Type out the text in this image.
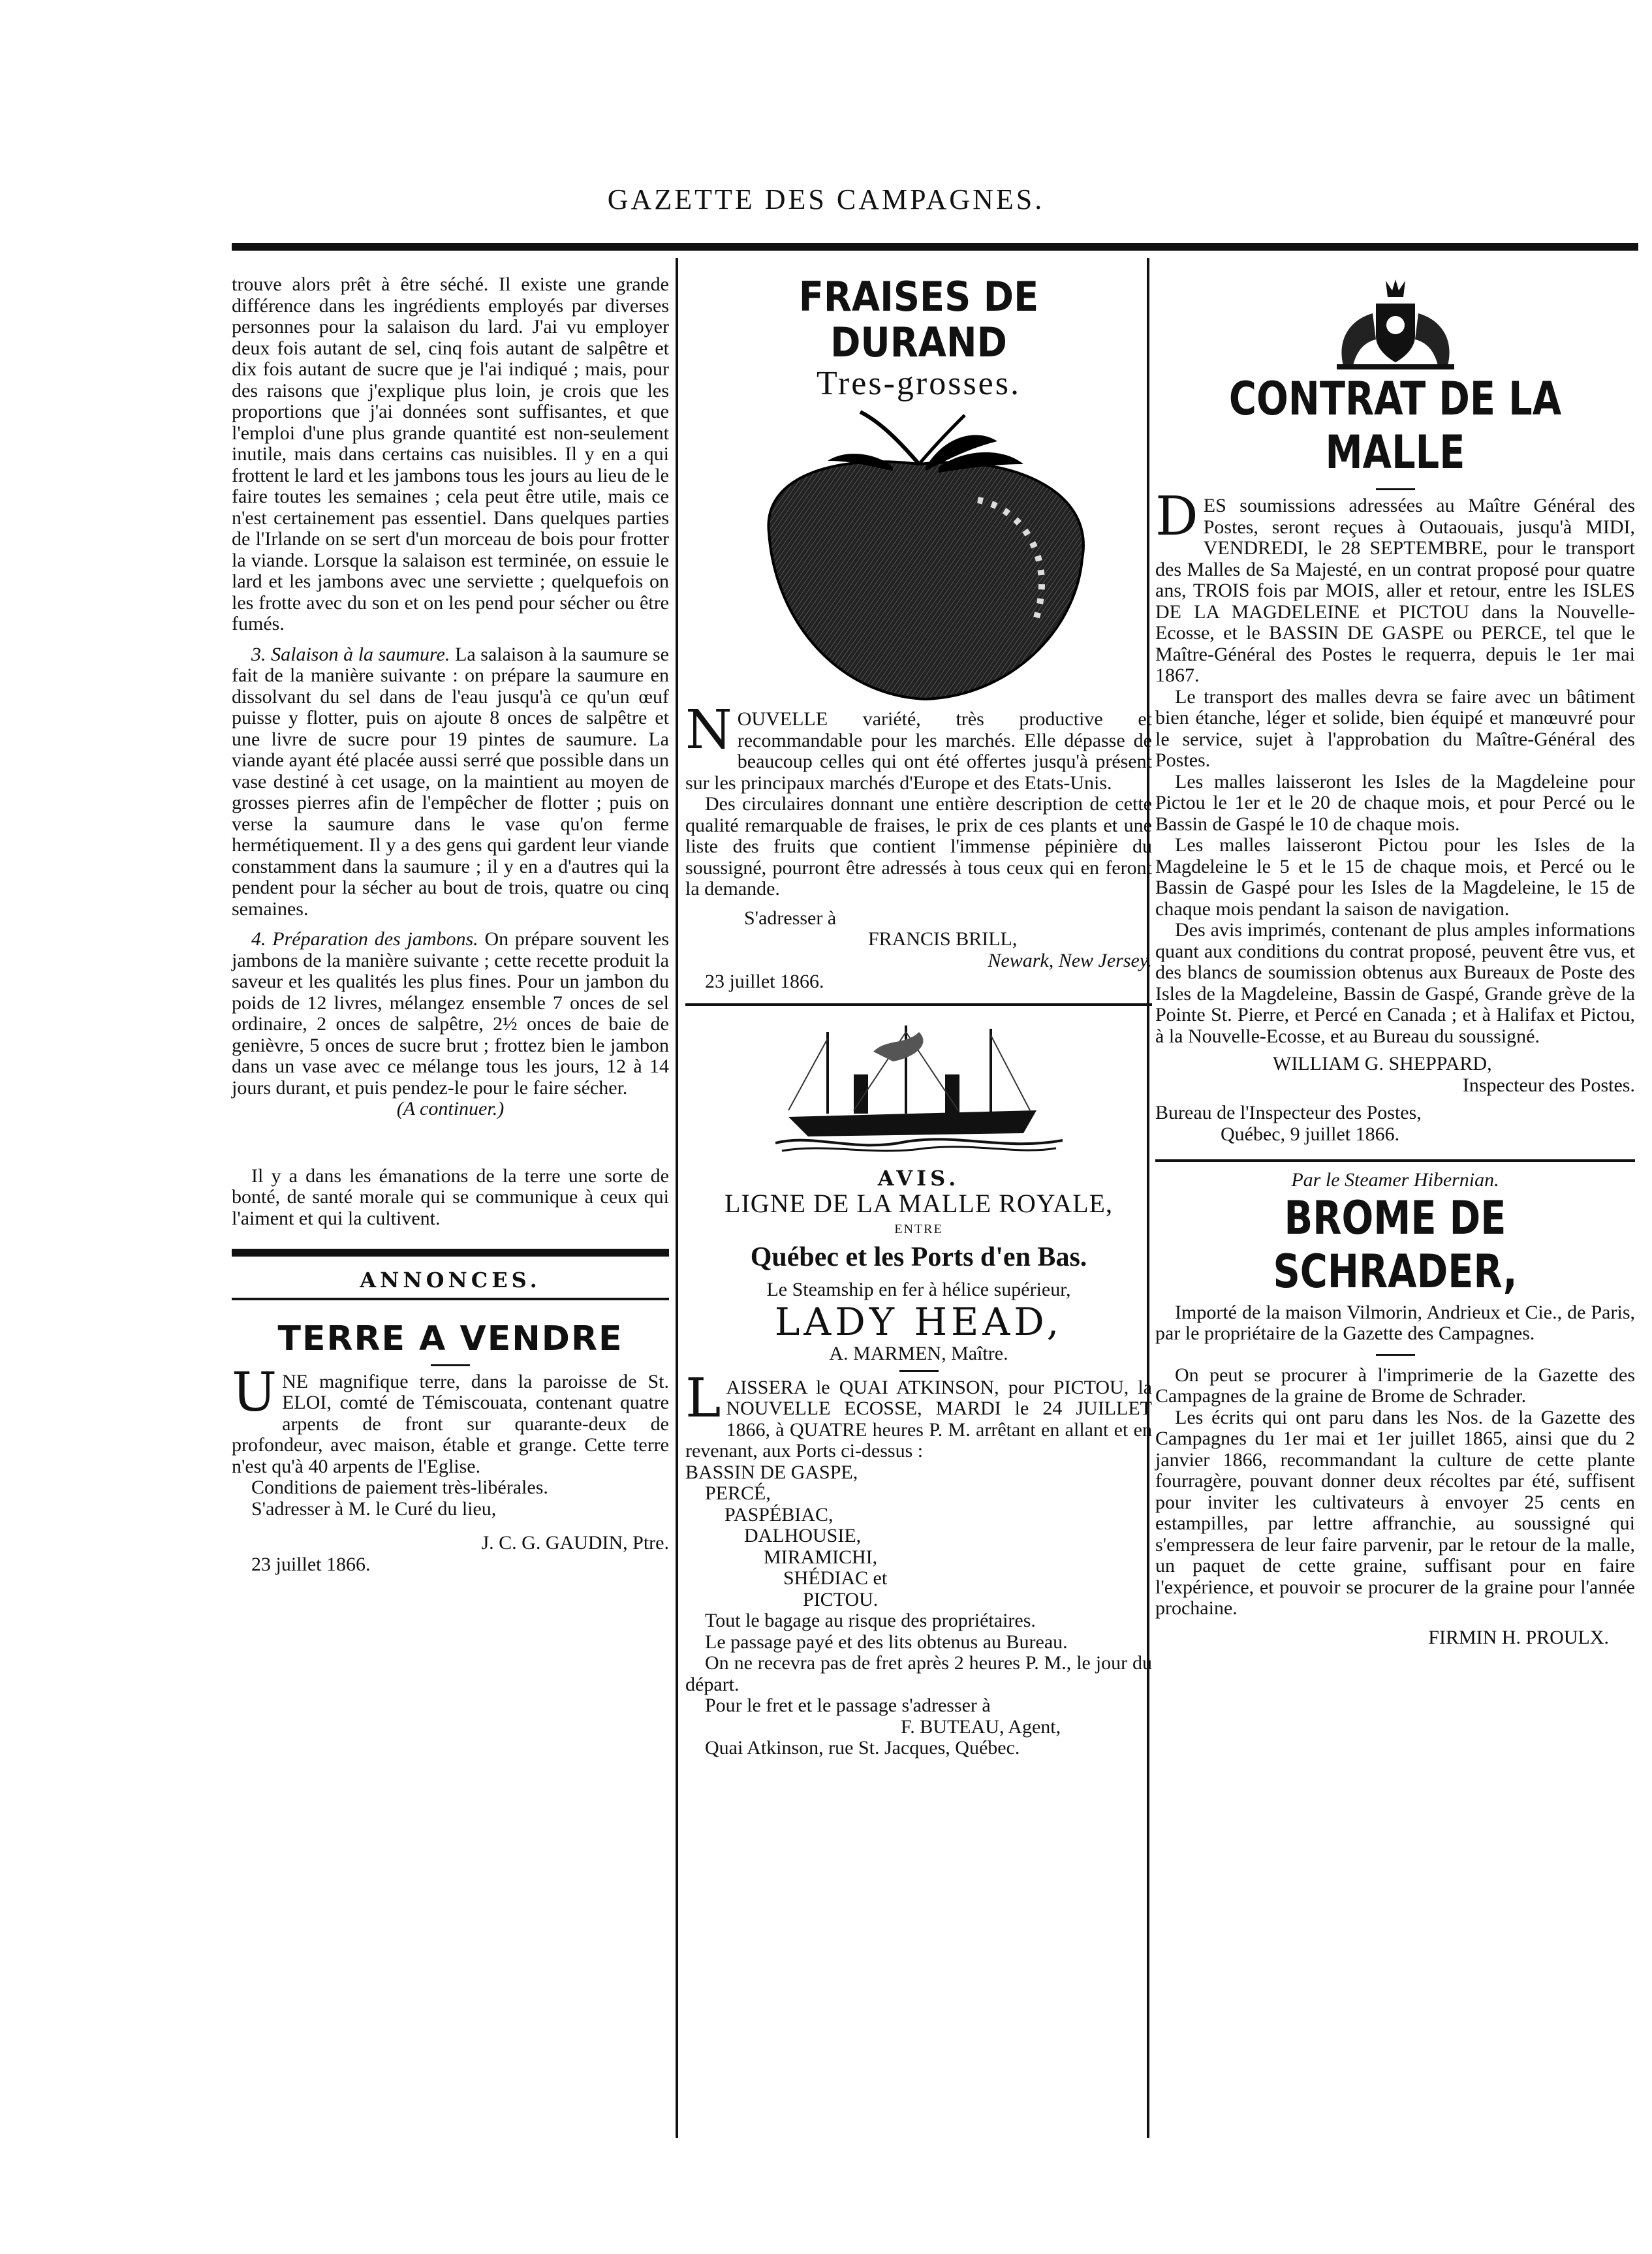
GAZETTE DES CAMPAGNES.

trouve alors prêt à être séché. Il existe une grande différence dans les ingrédients employés par diverses personnes pour la salaison du lard. J'ai vu employer deux fois autant de sel, cinq fois autant de salpêtre et dix fois autant de sucre que je l'ai indiqué ; mais, pour des raisons que j'explique plus loin, je crois que les proportions que j'ai données sont suffisantes, et que l'emploi d'une plus grande quantité est non-seulement inutile, mais dans certains cas nuisibles. Il y en a qui frottent le lard et les jambons tous les jours au lieu de le faire toutes les semaines ; cela peut être utile, mais ce n'est certainement pas essentiel. Dans quelques parties de l'Irlande on se sert d'un morceau de bois pour frotter la viande. Lorsque la salaison est terminée, on essuie le lard et les jambons avec une serviette ; quelquefois on les frotte avec du son et on les pend pour sécher ou être fumés.

3. Salaison à la saumure. La salaison à la saumure se fait de la manière suivante : on prépare la saumure en dissolvant du sel dans de l'eau jusqu'à ce qu'un œuf puisse y flotter, puis on ajoute 8 onces de salpêtre et une livre de sucre pour 19 pintes de saumure. La viande ayant été placée aussi serré que possible dans un vase destiné à cet usage, on la maintient au moyen de grosses pierres afin de l'empêcher de flotter ; puis on verse la saumure dans le vase qu'on ferme hermétiquement. Il y a des gens qui gardent leur viande constamment dans la saumure ; il y en a d'autres qui la pendent pour la sécher au bout de trois, quatre ou cinq semaines.

4. Préparation des jambons. On prépare souvent les jambons de la manière suivante ; cette recette produit la saveur et les qualités les plus fines. Pour un jambon du poids de 12 livres, mélangez ensemble 7 onces de sel ordinaire, 2 onces de salpêtre, 2½ onces de baie de genièvre, 5 onces de sucre brut ; frottez bien le jambon dans un vase avec ce mélange tous les jours, 12 à 14 jours durant, et puis pendez-le pour le faire sécher.

(A continuer.)

Il y a dans les émanations de la terre une sorte de bonté, de santé morale qui se communique à ceux qui l'aiment et qui la cultivent.

ANNONCES.

TERRE A VENDRE

UNE magnifique terre, dans la paroisse de St. ELOI, comté de Témiscouata, contenant quatre arpents de front sur quarante-deux de profondeur, avec maison, étable et grange. Cette terre n'est qu'à 40 arpents de l'Eglise.

Conditions de paiement très-libérales.

S'adresser à M. le Curé du lieu,

J. C. G. GAUDIN, Ptre.

23 juillet 1866.

FRAISES DE DURAND

Tres-grosses.

NOUVELLE variété, très productive et recommandable pour les marchés. Elle dépasse de beaucoup celles qui ont été offertes jusqu'à présent sur les principaux marchés d'Europe et des Etats-Unis.

Des circulaires donnant une entière description de cette qualité remarquable de fraises, le prix de ces plants et une liste des fruits que contient l'immense pépinière du soussigné, pourront être adressés à tous ceux qui en feront la demande.

S'adresser à

FRANCIS BRILL,

Newark, New Jersey.

23 juillet 1866.

AVIS.

LIGNE DE LA MALLE ROYALE,

ENTRE

Québec et les Ports d'en Bas.

Le Steamship en fer à hélice supérieur,

LADY HEAD,

A. MARMEN, Maître.

LAISSERA le QUAI ATKINSON, pour PICTOU, la NOUVELLE ECOSSE, MARDI le 24 JUILLET 1866, à QUATRE heures P. M. arrêtant en allant et en revenant, aux Ports ci-dessus :

BASSIN DE GASPE,

PERCÉ,

PASPÉBIAC,

DALHOUSIE,

MIRAMICHI,

SHÉDIAC et

PICTOU.

Tout le bagage au risque des propriétaires.

Le passage payé et des lits obtenus au Bureau.

On ne recevra pas de fret après 2 heures P. M., le jour du départ.

Pour le fret et le passage s'adresser à

F. BUTEAU, Agent,

Quai Atkinson, rue St. Jacques, Québec.

CONTRAT DE LA MALLE

DES soumissions adressées au Maître Général des Postes, seront reçues à Outaouais, jusqu'à MIDI, VENDREDI, le 28 SEPTEMBRE, pour le transport des Malles de Sa Majesté, en un contrat proposé pour quatre ans, TROIS fois par MOIS, aller et retour, entre les ISLES DE LA MAGDELEINE et PICTOU dans la Nouvelle-Ecosse, et le BASSIN DE GASPE ou PERCE, tel que le Maître-Général des Postes le requerra, depuis le 1er mai 1867.

Le transport des malles devra se faire avec un bâtiment bien étanche, léger et solide, bien équipé et manœuvré pour le service, sujet à l'approbation du Maître-Général des Postes.

Les malles laisseront les Isles de la Magdeleine pour Pictou le 1er et le 20 de chaque mois, et pour Percé ou le Bassin de Gaspé le 10 de chaque mois.

Les malles laisseront Pictou pour les Isles de la Magdeleine le 5 et le 15 de chaque mois, et Percé ou le Bassin de Gaspé pour les Isles de la Magdeleine, le 15 de chaque mois pendant la saison de navigation.

Des avis imprimés, contenant de plus amples informations quant aux conditions du contrat proposé, peuvent être vus, et des blancs de soumission obtenus aux Bureaux de Poste des Isles de la Magdeleine, Bassin de Gaspé, Grande grève de la Pointe St. Pierre, et Percé en Canada ; et à Halifax et Pictou, à la Nouvelle-Ecosse, et au Bureau du soussigné.

WILLIAM G. SHEPPARD,

Inspecteur des Postes.

Bureau de l'Inspecteur des Postes,

Québec, 9 juillet 1866.

Par le Steamer Hibernian.

BROME DE SCHRADER,

Importé de la maison Vilmorin, Andrieux et Cie., de Paris, par le propriétaire de la Gazette des Campagnes.

On peut se procurer à l'imprimerie de la Gazette des Campagnes de la graine de Brome de Schrader.

Les écrits qui ont paru dans les Nos. de la Gazette des Campagnes du 1er mai et 1er juillet 1865, ainsi que du 2 janvier 1866, recommandant la culture de cette plante fourragère, pouvant donner deux récoltes par été, suffisent pour inviter les cultivateurs à envoyer 25 cents en estampilles, par lettre affranchie, au soussigné qui s'empressera de leur faire parvenir, par le retour de la malle, un paquet de cette graine, suffisant pour en faire l'expérience, et pouvoir se procurer de la graine pour l'année prochaine.

FIRMIN H. PROULX.
